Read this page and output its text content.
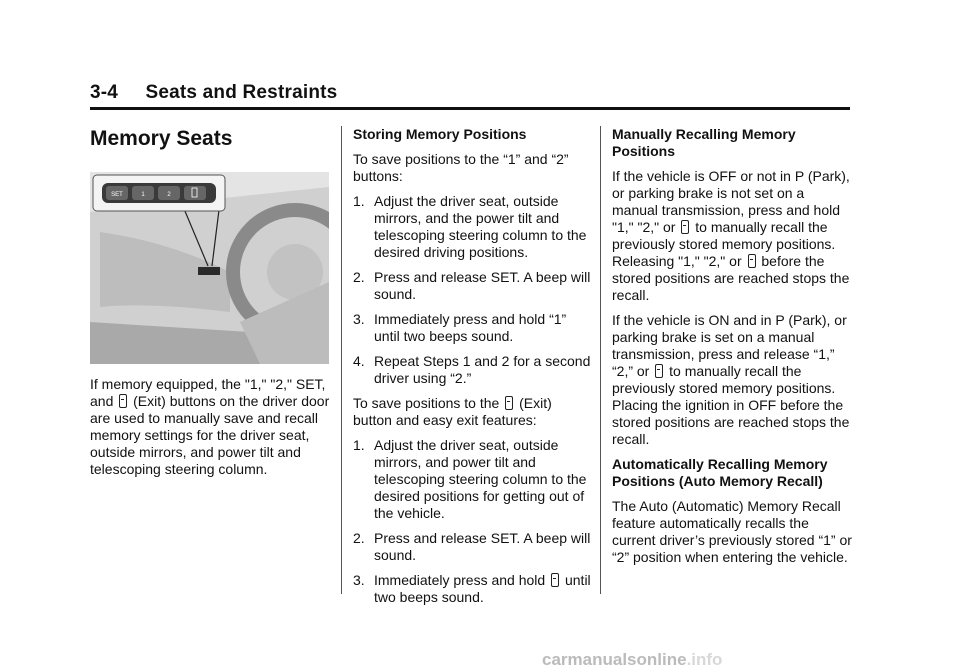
3-4     Seats and Restraints
Memory Seats
SET	1	2

If memory equipped, the "1," "2," SET, and (Exit) buttons on the driver door are used to manually save and recall memory settings for the driver seat, outside mirrors, and power tilt and telescoping steering column.

Storing Memory Positions

To save positions to the “1” and “2” buttons:

1. Adjust the driver seat, outside mirrors, and the power tilt and telescoping steering column to the desired driving positions.
2. Press and release SET. A beep will sound.
3. Immediately press and hold “1” until two beeps sound.
4. Repeat Steps 1 and 2 for a second driver using “2.”

To save positions to the (Exit) button and easy exit features:

1. Adjust the driver seat, outside mirrors, and power tilt and telescoping steering column to the desired positions for getting out of the vehicle.
2. Press and release SET. A beep will sound.
3. Immediately press and hold until two beeps sound.
Manually Recalling Memory Positions

If the vehicle is OFF or not in P (Park), or parking brake is not set on a manual transmission, press and hold "1," "2," or to manually recall the previously stored memory positions. Releasing "1," "2," or before the stored positions are reached stops the recall.

If the vehicle is ON and in P (Park), or parking brake is set on a manual transmission, press and release “1,” “2,” or to manually recall the previously stored memory positions. Placing the ignition in OFF before the stored positions are reached stops the recall.

Automatically Recalling Memory Positions (Auto Memory Recall)

The Auto (Automatic) Memory Recall feature automatically recalls the current driver’s previously stored “1” or “2” position when entering the vehicle.

carmanualsonline.info
